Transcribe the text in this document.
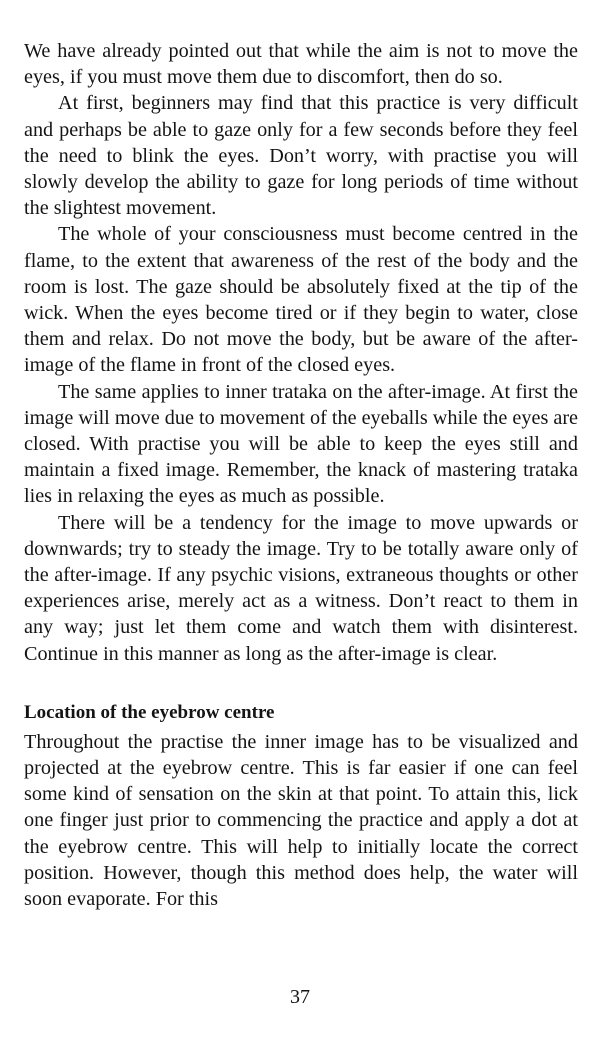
We have already pointed out that while the aim is not to move the eyes, if you must move them due to discomfort, then do so.

At first, beginners may find that this practice is very difficult and perhaps be able to gaze only for a few seconds before they feel the need to blink the eyes. Don’t worry, with practise you will slowly develop the ability to gaze for long periods of time without the slightest movement.

The whole of your consciousness must become centred in the flame, to the extent that awareness of the rest of the body and the room is lost. The gaze should be absolutely fixed at the tip of the wick. When the eyes become tired or if they begin to water, close them and relax. Do not move the body, but be aware of the after-image of the flame in front of the closed eyes.

The same applies to inner trataka on the after-image. At first the image will move due to movement of the eyeballs while the eyes are closed. With practise you will be able to keep the eyes still and maintain a fixed image. Remember, the knack of mastering trataka lies in relaxing the eyes as much as possible.

There will be a tendency for the image to move upwards or downwards; try to steady the image. Try to be totally aware only of the after-image. If any psychic visions, extraneous thoughts or other experiences arise, merely act as a witness. Don’t react to them in any way; just let them come and watch them with disinterest. Continue in this manner as long as the after-image is clear.

Location of the eyebrow centre

Throughout the practise the inner image has to be visualized and projected at the eyebrow centre. This is far easier if one can feel some kind of sensation on the skin at that point. To attain this, lick one finger just prior to commencing the practice and apply a dot at the eyebrow centre. This will help to initially locate the correct position. However, though this method does help, the water will soon evaporate. For this

37
